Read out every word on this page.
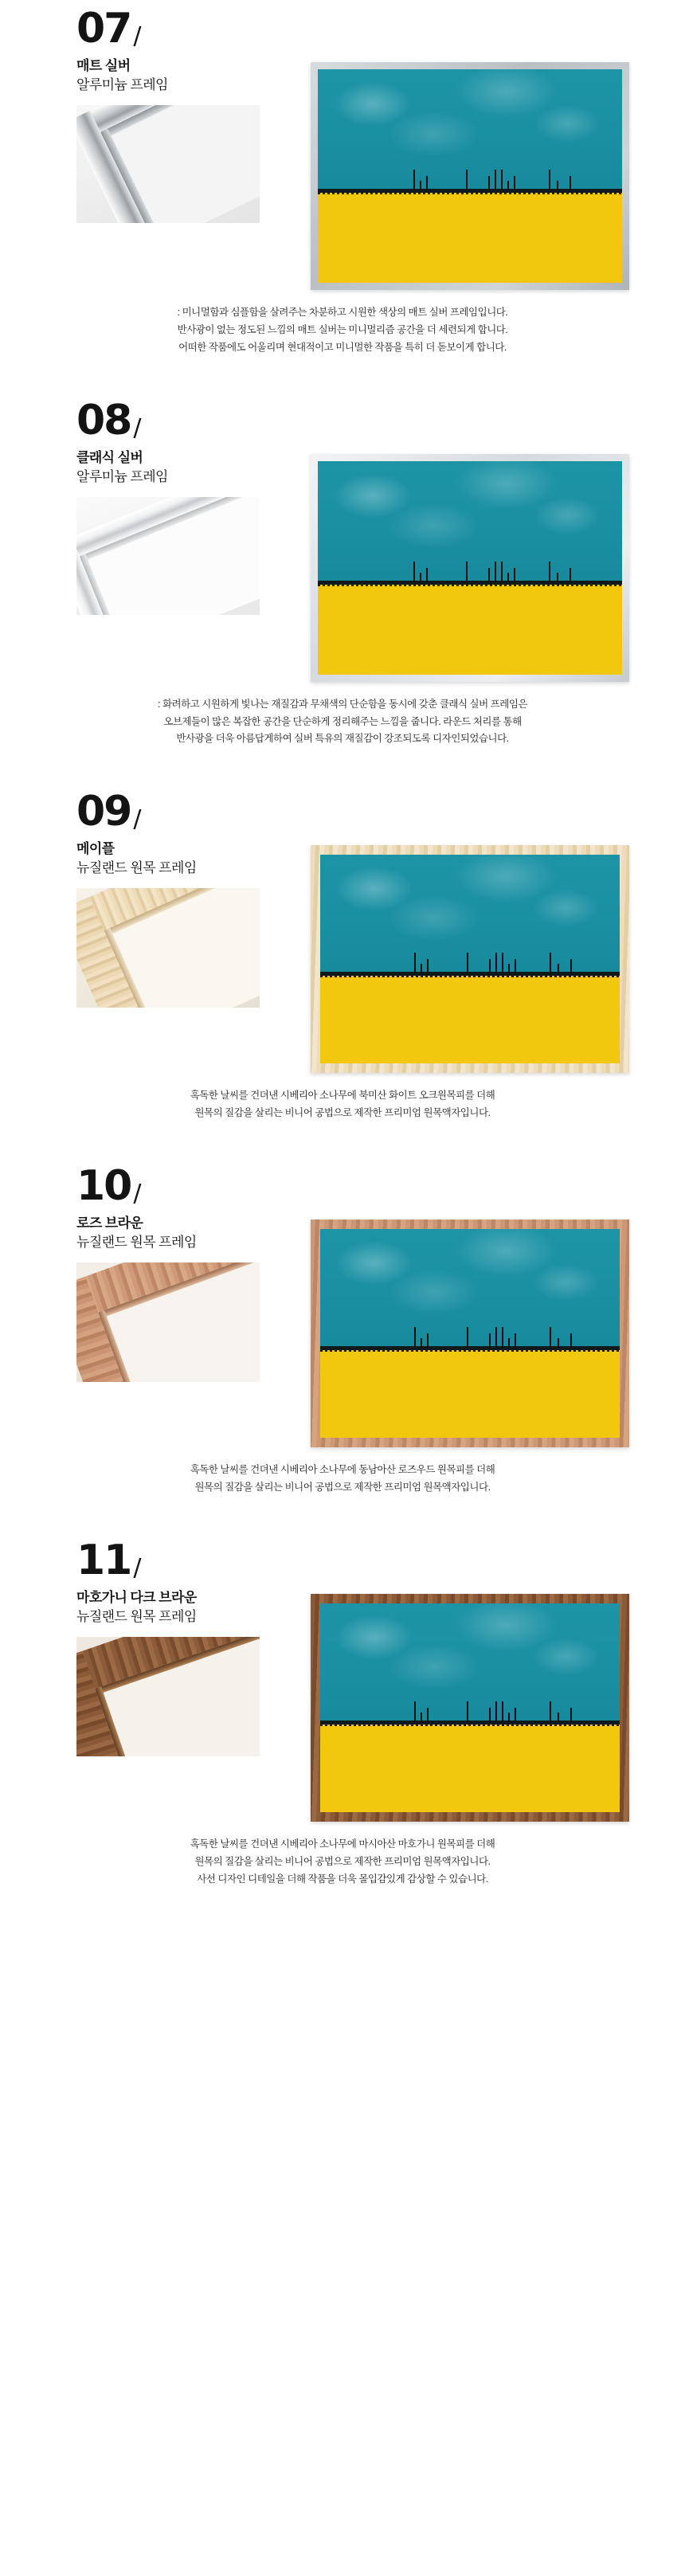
07 /
매트 실버
알루미늄 프레임
: 미니멀함과 심플함을 살려주는 차분하고 시원한 색상의 매트 실버 프레임입니다.
반사광이 없는 정도된 느낌의 매트 실버는 미니멀리즘 공간을 더 세련되게 합니다.
어떠한 작품에도 어울리며 현대적이고 미니멀한 작품을 특히 더 돋보이게 합니다.
08 /
클래식 실버
알루미늄 프레임
: 화려하고 시원하게 빛나는 재질감과 무채색의 단순함을 동시에 갖춘 클래식 실버 프레임은
오브제들이 많은 복잡한 공간을 단순하게 정리해주는 느낌을 줍니다. 라운드 처리를 통해
반사광을 더욱 아름답게하여 실버 특유의 재질감이 강조되도록 디자인되었습니다.
09 /
메이플
뉴질랜드 원목 프레임
혹독한 날씨를 건뎌낸 시베리아 소나무에 북미산 화이트 오크원목피를 더해
원목의 질감을 살리는 비니어 공법으로 제작한 프리미엄 원목액자입니다.
10 /
로즈 브라운
뉴질랜드 원목 프레임
혹독한 날씨를 건뎌낸 시베리아 소나무에 동남아산 로즈우드 원목피를 더해
원목의 질감을 살리는 비니어 공법으로 제작한 프리미엄 원목액자입니다.
11 /
마호가니 다크 브라운
뉴질랜드 원목 프레임
혹독한 날씨를 건뎌낸 시베리아 소나무에 마시아산 마호가니 원목피를 더해
원목의 질감을 살리는 비니어 공법으로 제작한 프리미엄 원목액자입니다.
사선 디자인 디테일을 더해 작품을 더욱 몰입감있게 감상할 수 있습니다.
